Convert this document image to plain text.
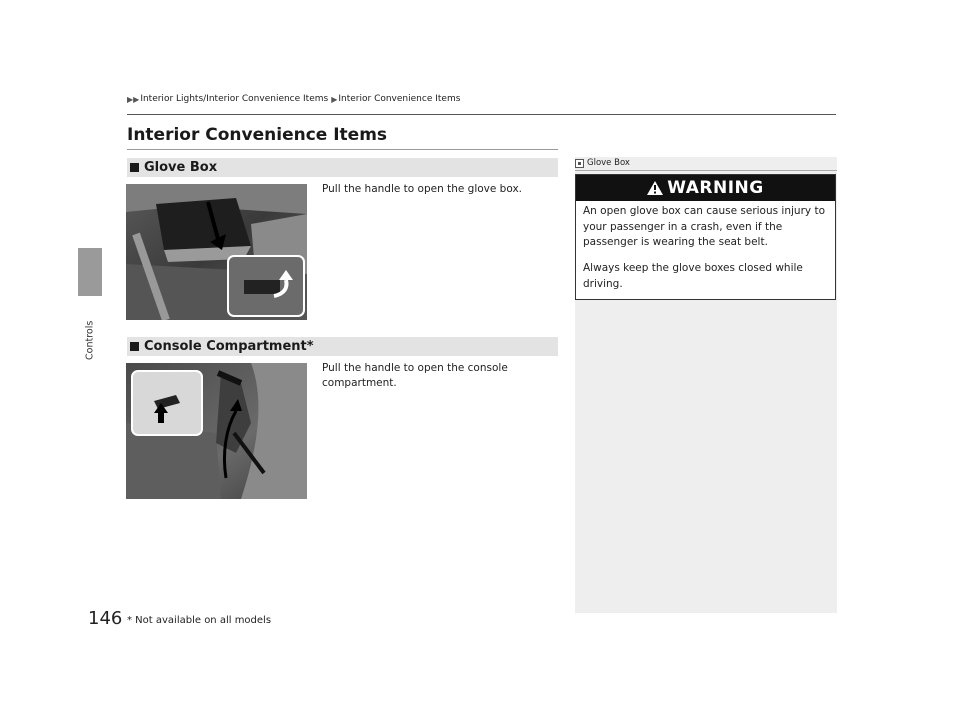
Controls
146
▶▶ Interior Lights/Interior Convenience Items ▶ Interior Convenience Items
Interior Convenience Items
Glove Box
Pull the handle to open the glove box.
Console Compartment *
Pull the handle to open the console compartment.
Glove Box
WARNING
An open glove box can cause serious injury to your passenger in a crash, even if the passenger is wearing the seat belt.
Always keep the glove boxes closed while driving.
* Not available on all models
